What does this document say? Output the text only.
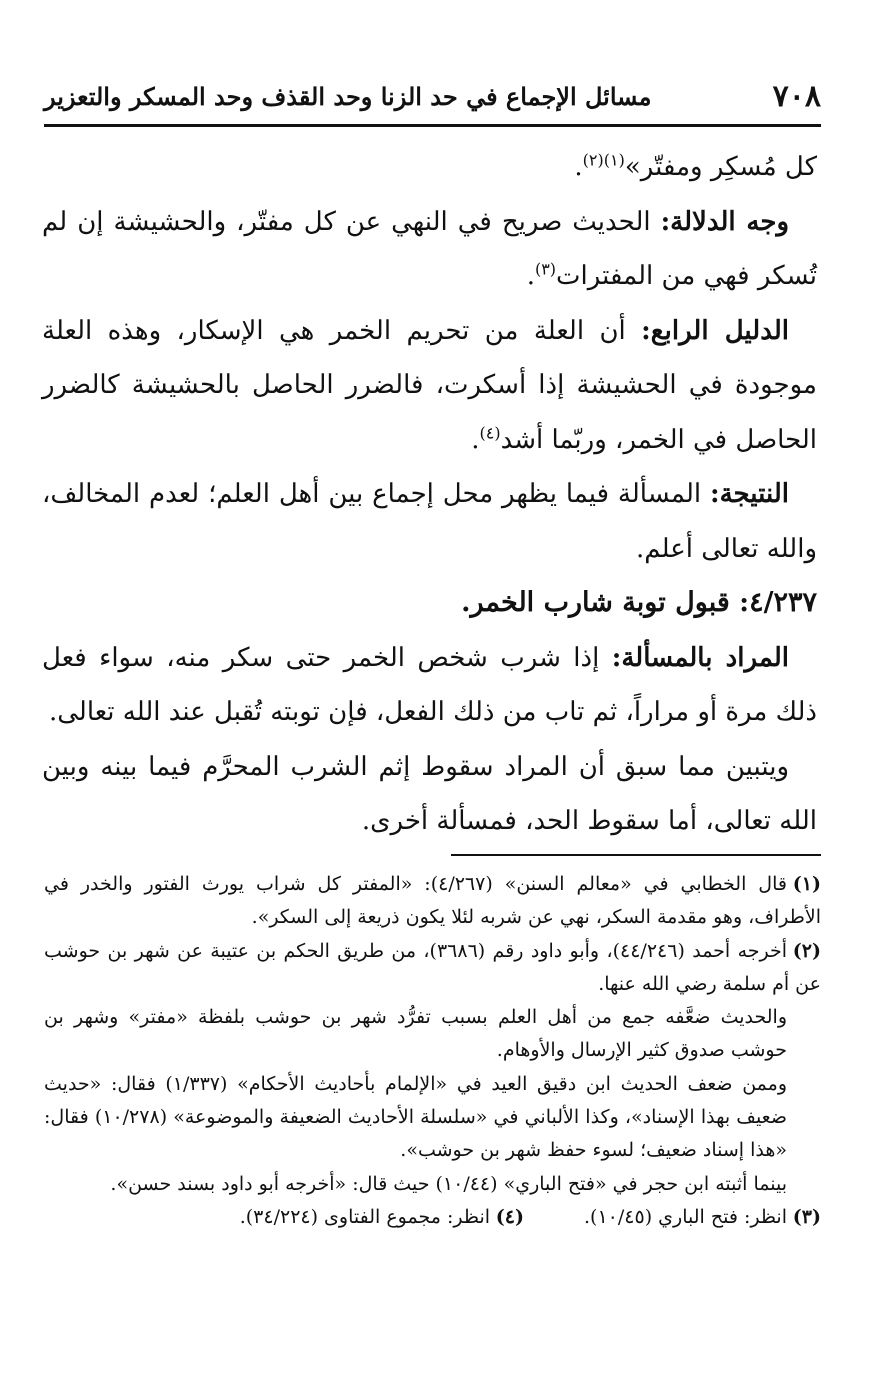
٧٠٨
مسائل الإجماع في حد الزنا وحد القذف وحد المسكر والتعزير

كل مُسكِر ومفتّر»$^{(١)(٢)}$.

وجه الدلالة: الحديث صريح في النهي عن كل مفتّر، والحشيشة إن لم تُسكر فهي من المفترات$^{(٣)}$.

الدليل الرابع: أن العلة من تحريم الخمر هي الإسكار، وهذه العلة موجودة في الحشيشة إذا أسكرت، فالضرر الحاصل بالحشيشة كالضرر الحاصل في الخمر، وربّما أشد$^{(٤)}$.

النتيجة: المسألة فيما يظهر محل إجماع بين أهل العلم؛ لعدم المخالف، والله تعالى أعلم.

٤/٢٣٧: قبول توبة شارب الخمر.

المراد بالمسألة: إذا شرب شخص الخمر حتى سكر منه، سواء فعل ذلك مرة أو مراراً، ثم تاب من ذلك الفعل، فإن توبته تُقبل عند الله تعالى.

ويتبين مما سبق أن المراد سقوط إثم الشرب المحرَّم فيما بينه وبين الله تعالى، أما سقوط الحد، فمسألة أخرى.

(١)قال الخطابي في «معالم السنن» (٤/٢٦٧): «المفتر كل شراب يورث الفتور والخدر في الأطراف، وهو مقدمة السكر، نهي عن شربه لئلا يكون ذريعة إلى السكر».

(٢)أخرجه أحمد (٤٤/٢٤٦)، وأبو داود رقم (٣٦٨٦)، من طريق الحكم بن عتيبة عن شهر بن حوشب عن أم سلمة رضي الله عنها.

والحديث ضعَّفه جمع من أهل العلم بسبب تفرُّد شهر بن حوشب بلفظة «مفتر» وشهر بن حوشب صدوق كثير الإرسال والأوهام.

وممن ضعف الحديث ابن دقيق العيد في «الإلمام بأحاديث الأحكام» (١/٣٣٧) فقال: «حديث ضعيف بهذا الإسناد»، وكذا الألباني في «سلسلة الأحاديث الضعيفة والموضوعة» (١٠/٢٧٨) فقال: «هذا إسناد ضعيف؛ لسوء حفظ شهر بن حوشب».

بينما أثبته ابن حجر في «فتح الباري» (١٠/٤٤) حيث قال: «أخرجه أبو داود بسند حسن».

(٣)انظر: فتح الباري (١٠/٤٥).

(٤)انظر: مجموع الفتاوى (٣٤/٢٢٤).
